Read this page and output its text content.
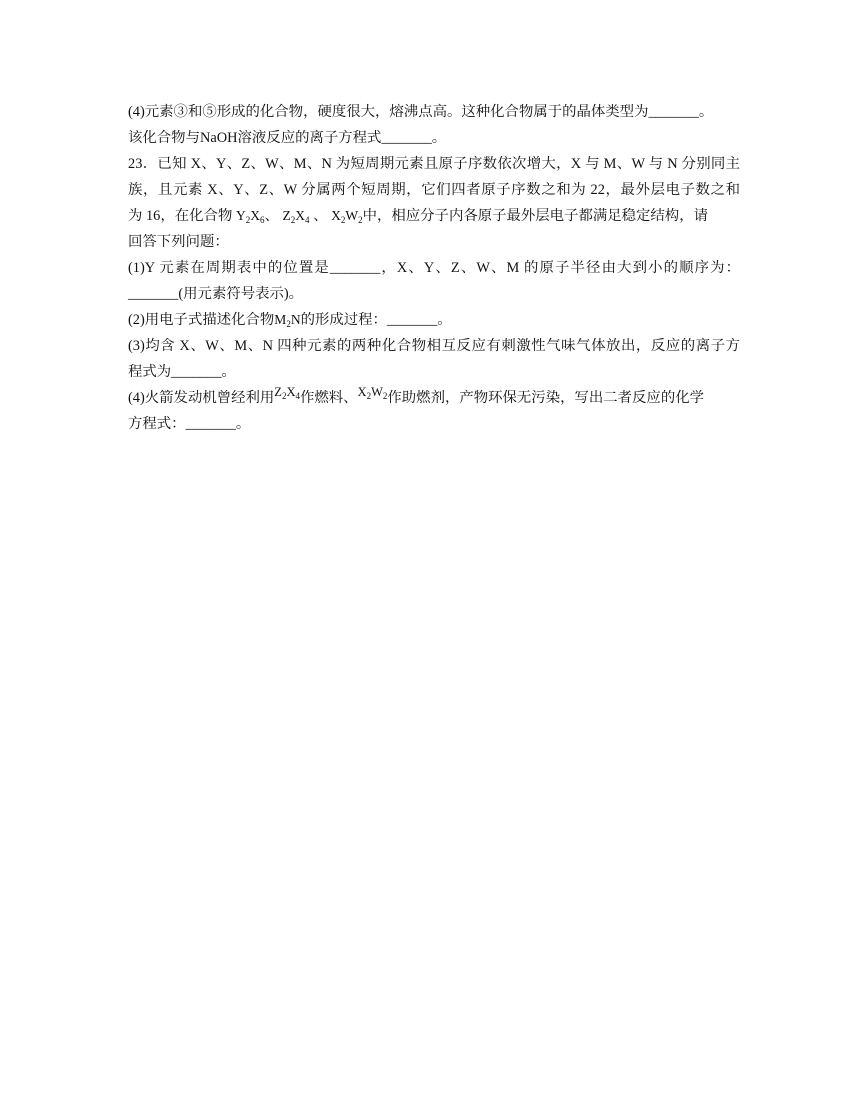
(4)元素③和⑤形成的化合物，硬度很大，熔沸点高。这种化合物属于的晶体类型为_______。
该化合物与NaOH溶液反应的离子方程式_______。
23．已知 X、Y、Z、W、M、N 为短周期元素且原子序数依次增大，X 与 M、W 与 N 分别同主
族，且元素 X、Y、Z、W 分属两个短周期，它们四者原子序数之和为 22，最外层电子数之和
为 16，在化合物 $Y_2X_6$、 $Z_2X_4$ 、 $X_2W_2$中，相应分子内各原子最外层电子都满足稳定结构，请
回答下列问题：
(1)Y 元素在周期表中的位置是_______，X、Y、Z、W、M 的原子半径由大到小的顺序为：
_______(用元素符号表示)。
(2)用电子式描述化合物$M_2N$的形成过程：_______。
(3)均含 X、W、M、N 四种元素的两种化合物相互反应有刺激性气味气体放出，反应的离子方
程式为_______。
(4)火箭发动机曾经利用$Z_2X_4$作燃料、$X_2W_2$作助燃剂，产物环保无污染，写出二者反应的化学
方程式：_______。
